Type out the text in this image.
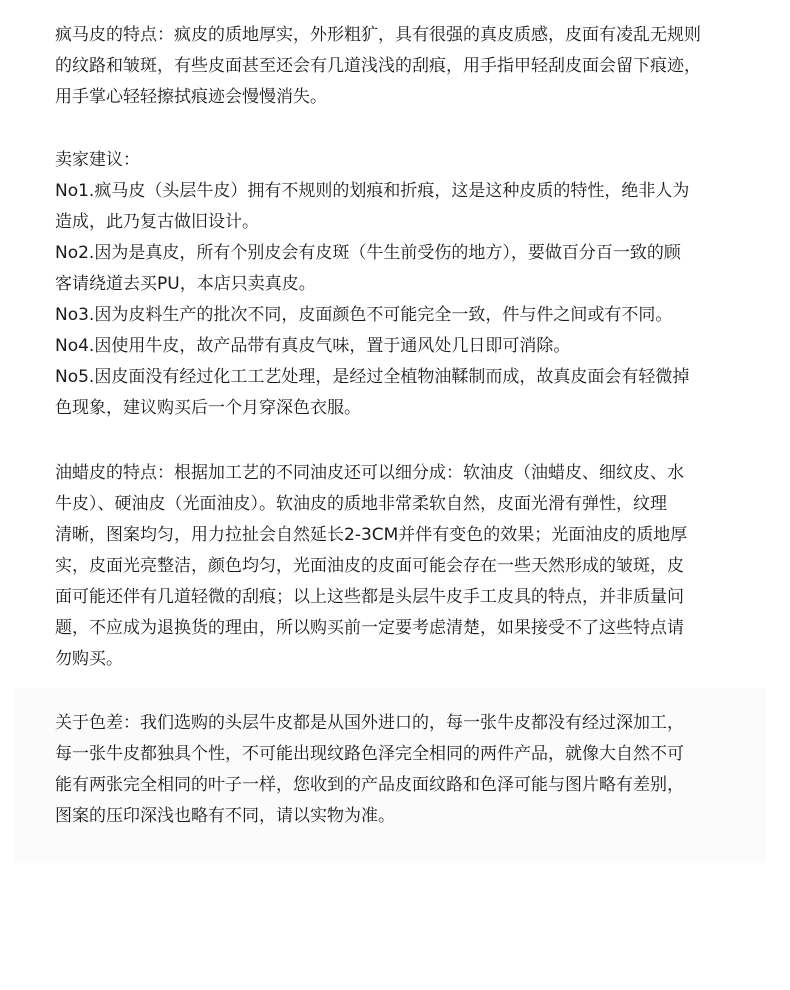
疯马皮的特点：疯皮的质地厚实，外形粗犷，具有很强的真皮质感，皮面有凌乱无规则
的纹路和皱斑，有些皮面甚至还会有几道浅浅的刮痕，用手指甲轻刮皮面会留下痕迹，
用手掌心轻轻擦拭痕迹会慢慢消失。
卖家建议：
No1.疯马皮（头层牛皮）拥有不规则的划痕和折痕，这是这种皮质的特性，绝非人为
造成，此乃复古做旧设计。
No2.因为是真皮，所有个别皮会有皮斑（牛生前受伤的地方），要做百分百一致的顾
客请绕道去买PU，本店只卖真皮。
No3.因为皮料生产的批次不同，皮面颜色不可能完全一致，件与件之间或有不同。
No4.因使用牛皮，故产品带有真皮气味，置于通风处几日即可消除。
No5.因皮面没有经过化工工艺处理，是经过全植物油鞣制而成，故真皮面会有轻微掉
色现象，建议购买后一个月穿深色衣服。
油蜡皮的特点：根据加工艺的不同油皮还可以细分成：软油皮（油蜡皮、细纹皮、水
牛皮）、硬油皮（光面油皮）。软油皮的质地非常柔软自然，皮面光滑有弹性，纹理
清晰，图案均匀，用力拉扯会自然延长2-3CM并伴有变色的效果；光面油皮的质地厚
实，皮面光亮整洁，颜色均匀，光面油皮的皮面可能会存在一些天然形成的皱斑，皮
面可能还伴有几道轻微的刮痕；以上这些都是头层牛皮手工皮具的特点，并非质量问
题，不应成为退换货的理由，所以购买前一定要考虑清楚，如果接受不了这些特点请
勿购买。
关于色差：我们选购的头层牛皮都是从国外进口的，每一张牛皮都没有经过深加工，
每一张牛皮都独具个性，不可能出现纹路色泽完全相同的两件产品，就像大自然不可
能有两张完全相同的叶子一样，您收到的产品皮面纹路和色泽可能与图片略有差别，
图案的压印深浅也略有不同，请以实物为准。
